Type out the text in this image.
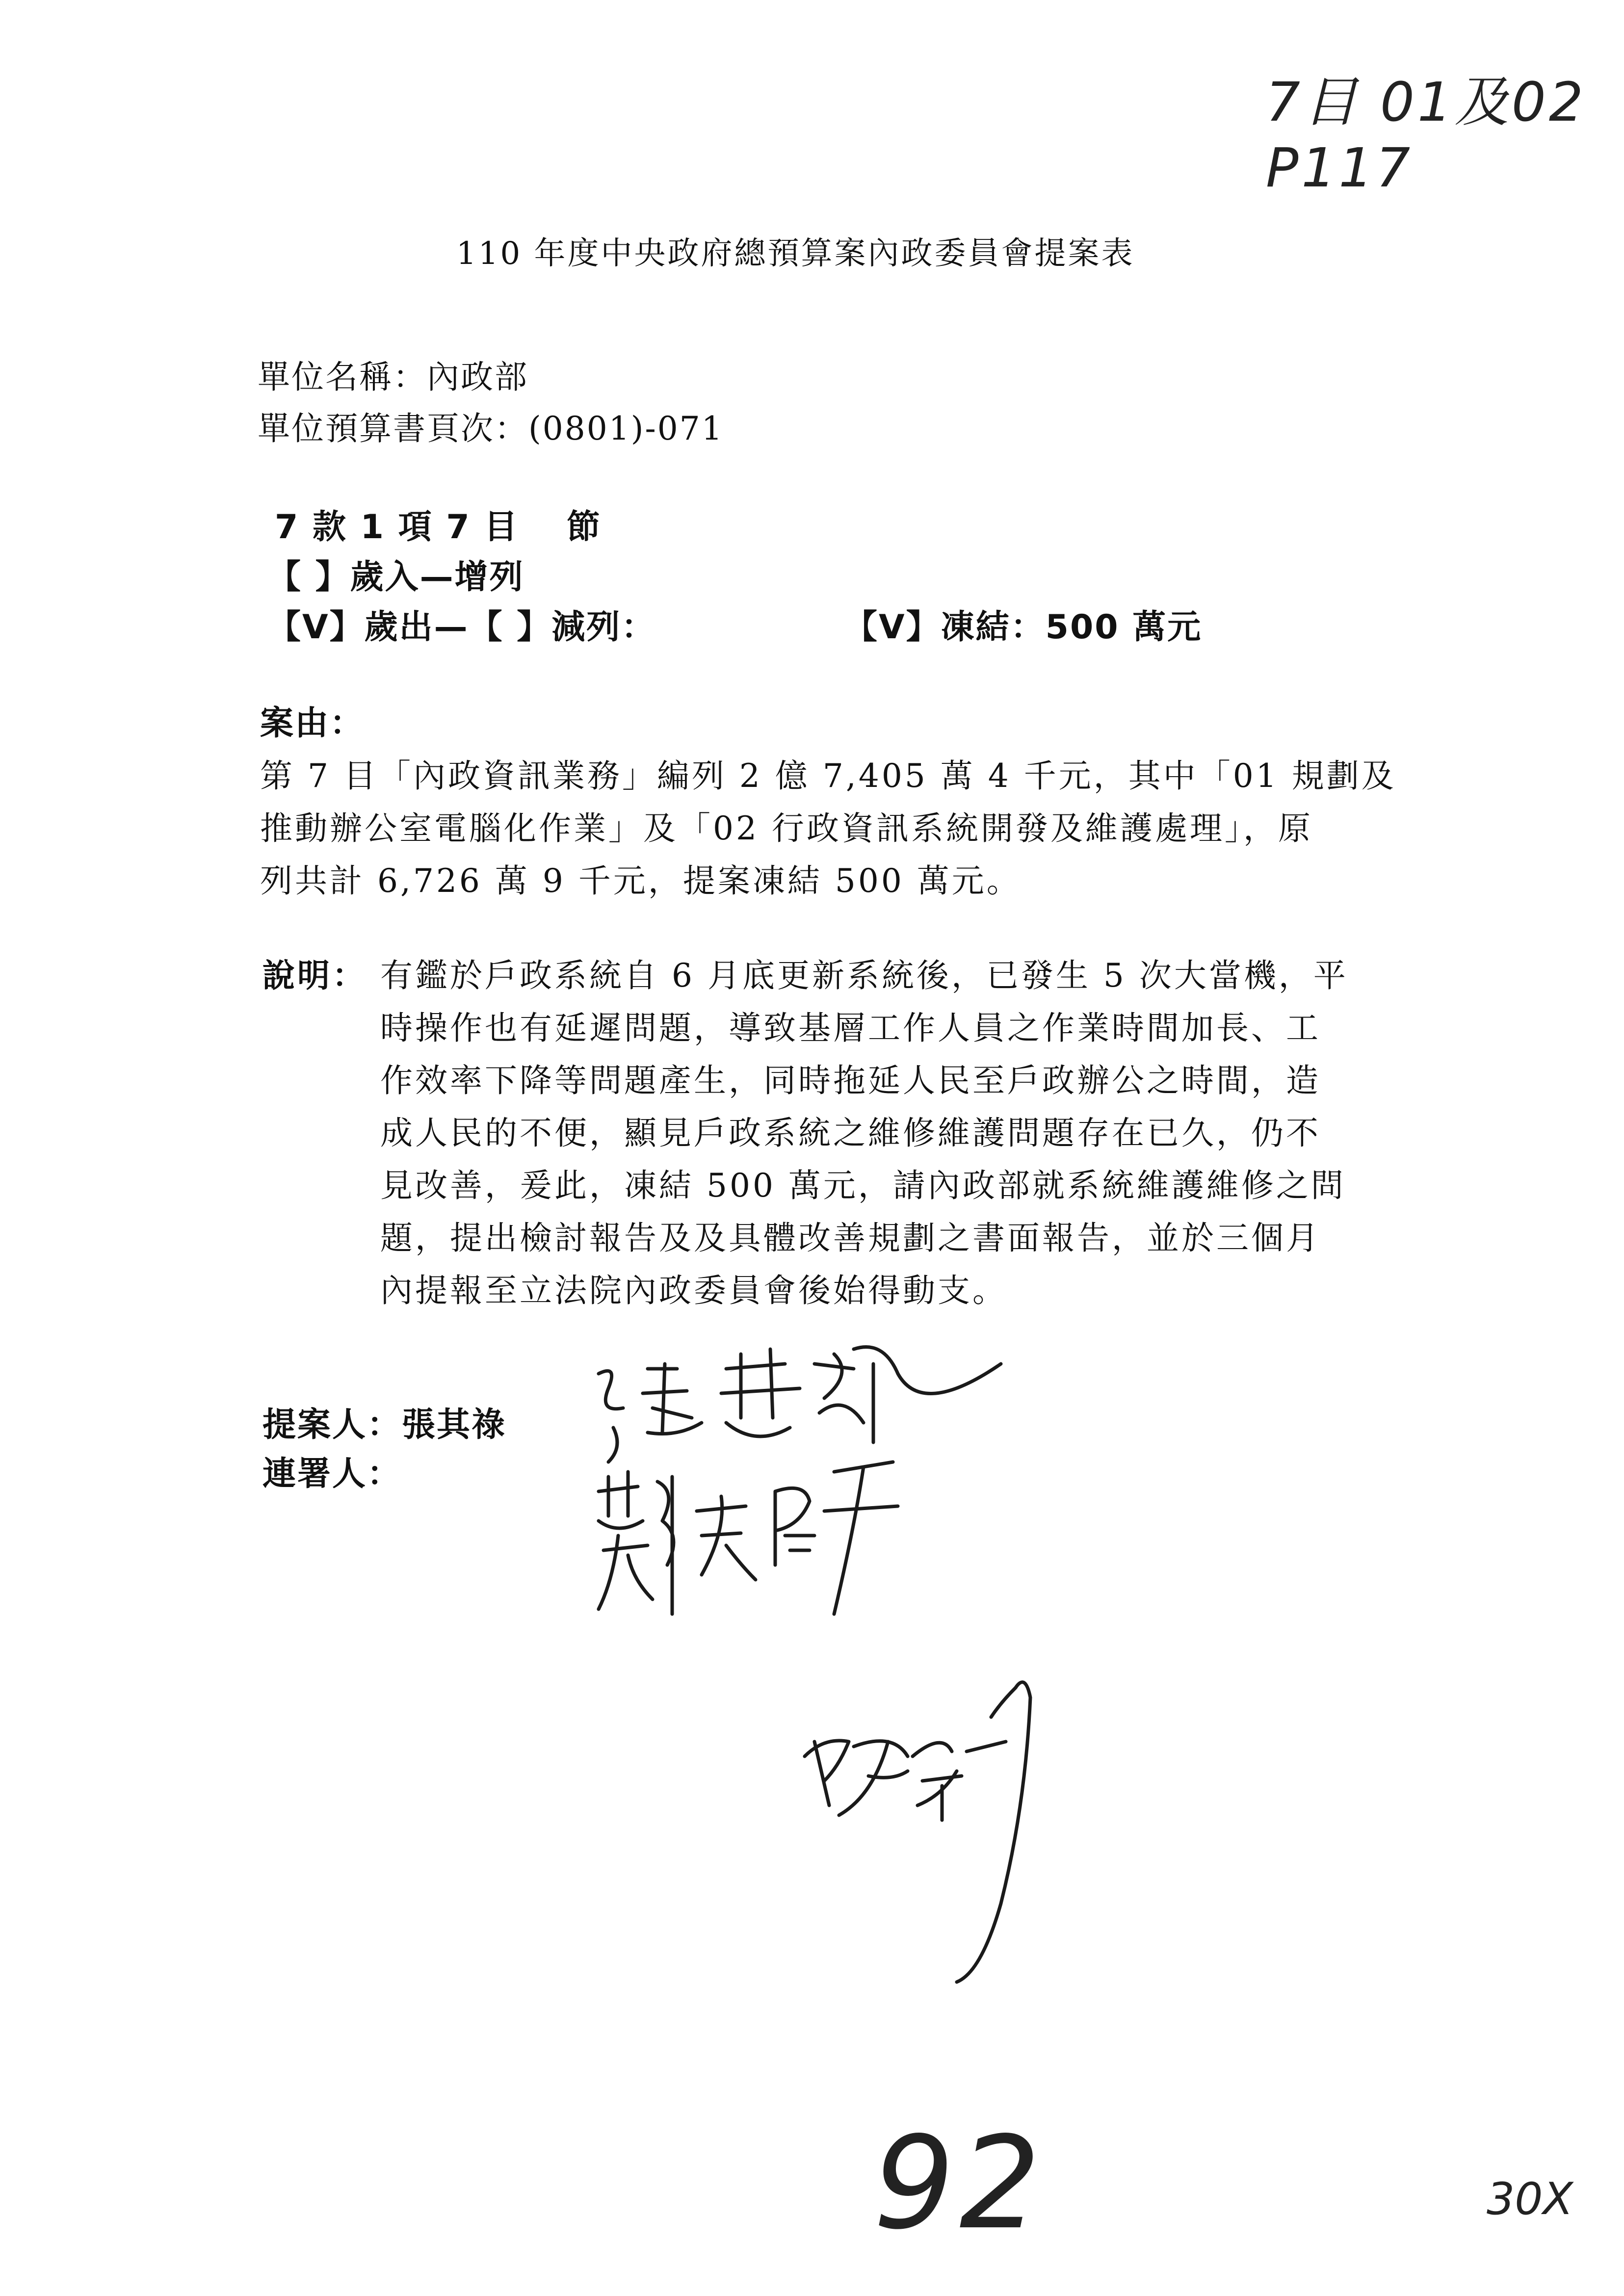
7目 01及02 P117
110 年度中央政府總預算案內政委員會提案表
單位名稱：內政部
單位預算書頁次：(0801)-071
7 款 1 項 7 目　 節
【 】歲入—增列
【V】歲出—【 】減列：	【V】凍結：500 萬元
案由：
第 7 目「內政資訊業務」編列 2 億 7,405 萬 4 千元，其中「01 規劃及
推動辦公室電腦化作業」及「02 行政資訊系統開發及維護處理」，原
列共計 6,726 萬 9 千元，提案凍結 500 萬元。
說明： 有鑑於戶政系統自 6 月底更新系統後，已發生 5 次大當機，平
時操作也有延遲問題，導致基層工作人員之作業時間加長、工
作效率下降等問題產生，同時拖延人民至戶政辦公之時間，造
成人民的不便，顯見戶政系統之維修維護問題存在已久，仍不
見改善，爰此，凍結 500 萬元，請內政部就系統維護維修之問
題，提出檢討報告及及具體改善規劃之書面報告，並於三個月
內提報至立法院內政委員會後始得動支。
提案人：張其祿
連署人：
92	30X
